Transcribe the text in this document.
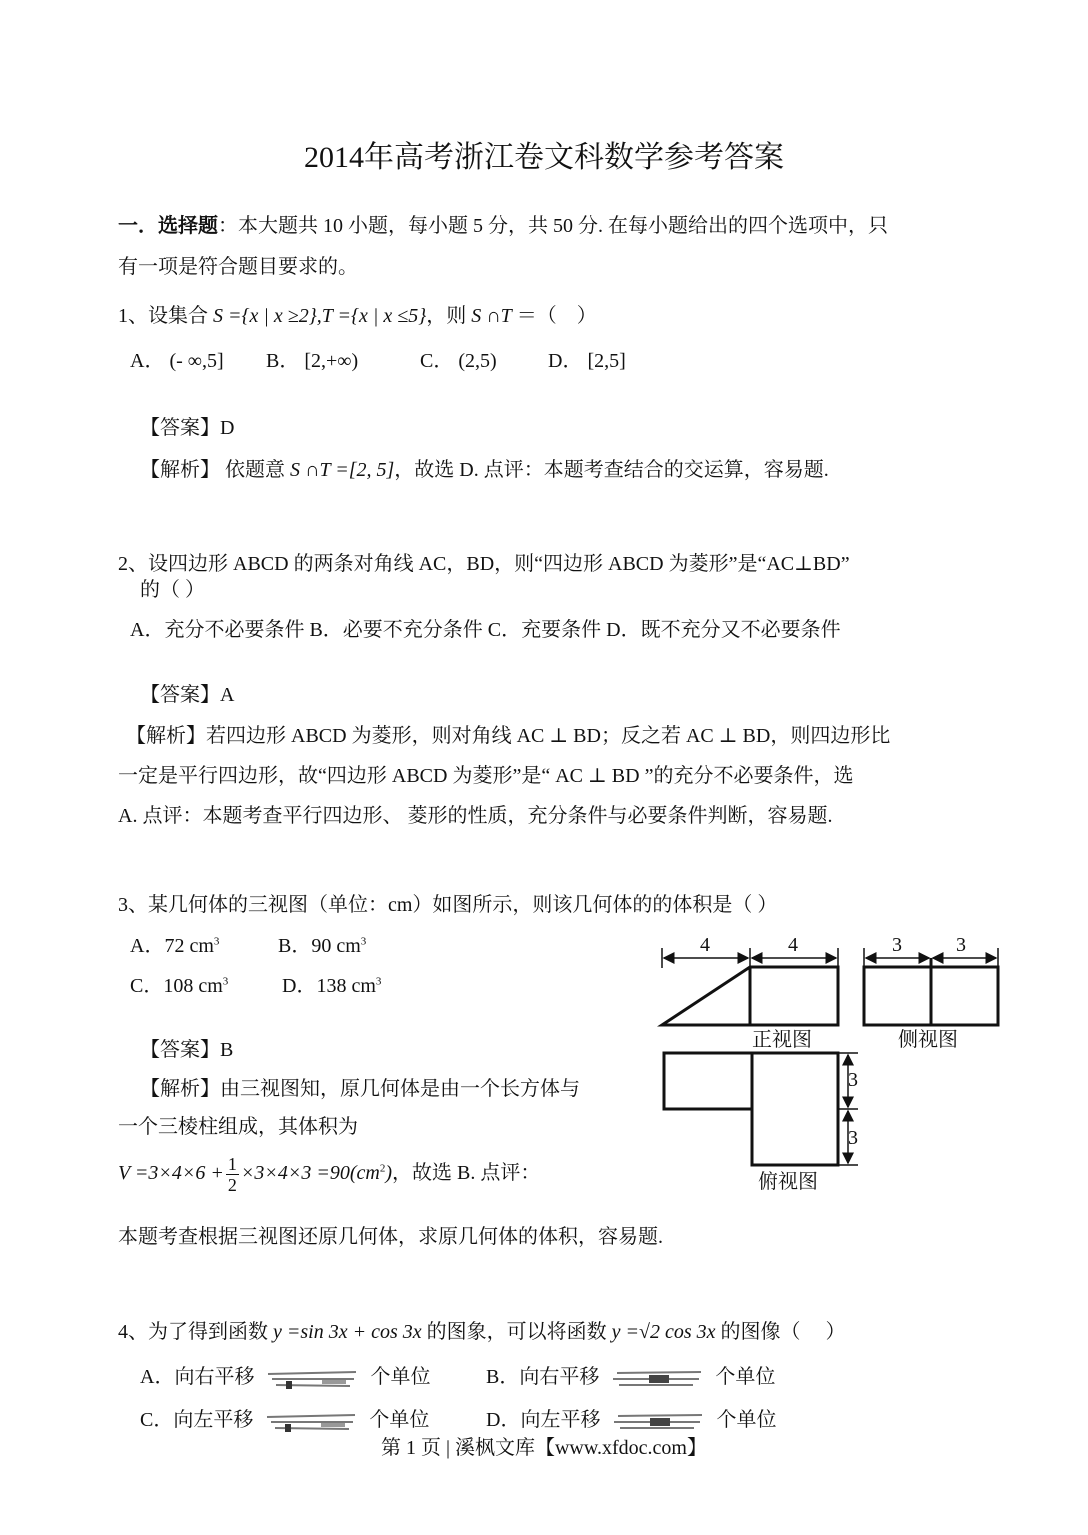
2014年高考浙江卷文科数学参考答案
一．选择题：本大题共 10 小题，每小题 5 分，共 50 分. 在每小题给出的四个选项中，只
有一项是符合题目要求的。
1、设集合 S ={x | x ≥2},T ={x | x ≤5}，则 S ∩T ＝（　）
A． (- ∞,5] B． [2,+∞)	C． (2,5)	D． [2,5]
【答案】D
【解析】 依题意 S ∩T =[2, 5]，故选 D. 点评：本题考查结合的交运算，容易题.
2、设四边形 ABCD 的两条对角线 AC，BD，则“四边形 ABCD 为菱形”是“AC⊥BD”
的（ ）
A．充分不必要条件 B．必要不充分条件 C．充要条件 D．既不充分又不必要条件
【答案】A
【解析】若四边形 ABCD 为菱形，则对角线 AC ⊥ BD；反之若 AC ⊥ BD，则四边形比
一定是平行四边形，故“四边形 ABCD 为菱形”是“ AC ⊥ BD ”的充分不必要条件，选
A. 点评：本题考查平行四边形、 菱形的性质，充分条件与必要条件判断，容易题.
3、某几何体的三视图（单位：cm）如图所示，则该几何体的的体积是（ ）
A．72 $cm^3$	B．90 $cm^3$
C．108 $cm^3$	D．138 $cm^3$
【答案】B
【解析】由三视图知，原几何体是由一个长方体与
一个三棱柱组成，其体积为
$V =3\times 4\times 6 + \frac{1}{2} \times 3\times 4\times 3 =90(cm^2)$，故选 B. 点评：
本题考查根据三视图还原几何体，求原几何体的体积，容易题.
4	4	3	3
3
3
正视图	侧视图
俯视图
4、为了得到函数 y =sin 3x + cos 3x 的图象，可以将函数 y =√2 cos 3x 的图像（　 ）
A．向右平移	个单位	B．向右平移	个单位
C．向左平移	个单位	D．向左平移	个单位
第 1 页 | 溪枫文库【www.xfdoc.com】
